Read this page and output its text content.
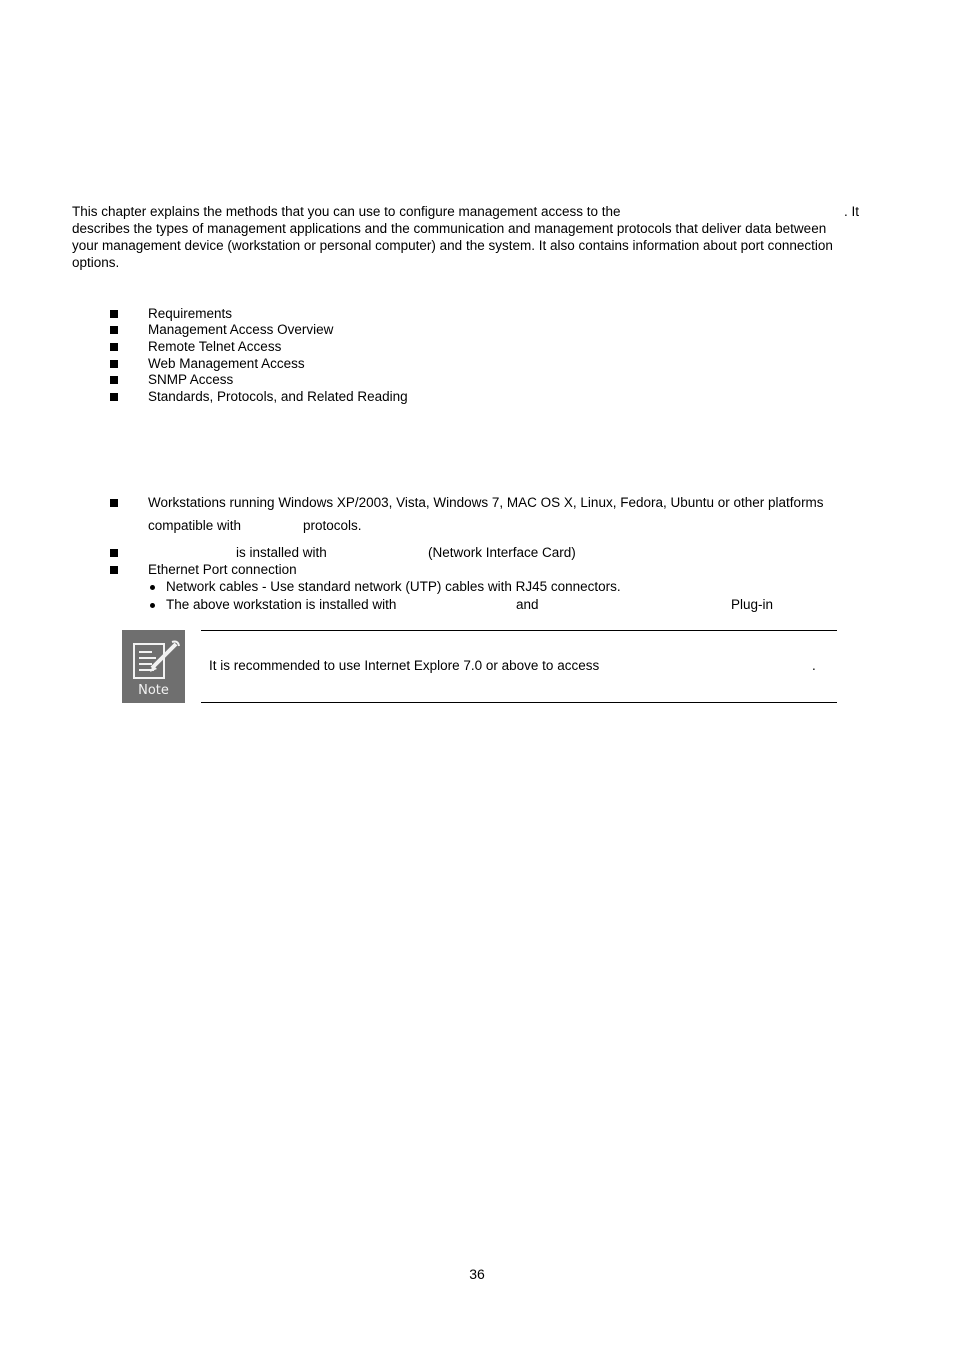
This chapter explains the methods that you can use to configure management access to the	. It
describes the types of management applications and the communication and management protocols that deliver data between
your management device (workstation or personal computer) and the system. It also contains information about port connection
options.
Requirements
Management Access Overview
Remote Telnet Access
Web Management Access
SNMP Access
Standards, Protocols, and Related Reading
Workstations running Windows XP/2003, Vista, Windows 7, MAC OS X, Linux, Fedora, Ubuntu or other platforms
compatible with	protocols.
is installed with	(Network Interface Card)
Ethernet Port connection
Network cables - Use standard network (UTP) cables with RJ45 connectors.
The above workstation is installed with	and	Plug-in
Note
It is recommended to use Internet Explore 7.0 or above to access	.
36
